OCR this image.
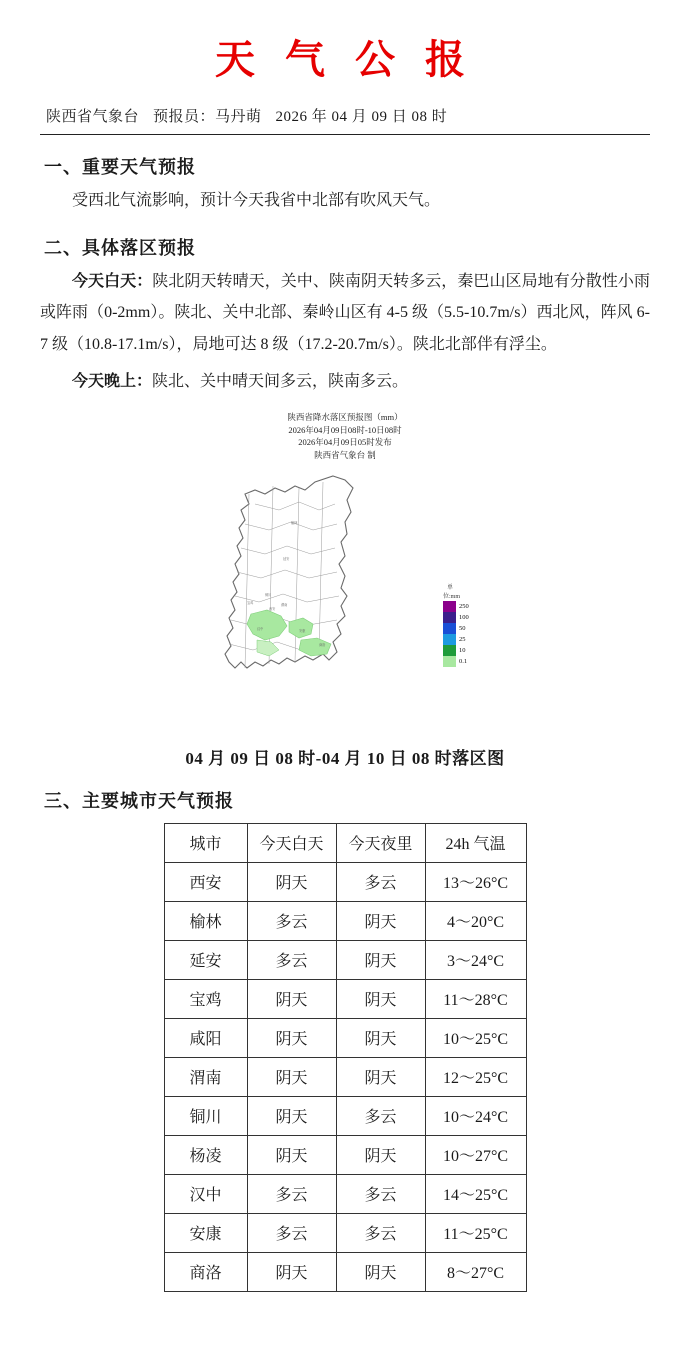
天 气 公 报
陕西省气象台 预报员：马丹萌 2026 年 04 月 09 日 08 时
一、重要天气预报
受西北气流影响，预计今天我省中北部有吹风天气。
二、具体落区预报
今天白天：陕北阴天转晴天，关中、陕南阴天转多云，秦巴山区局地有分散性小雨或阵雨（0-2mm）。陕北、关中北部、秦岭山区有 4-5 级（5.5-10.7m/s）西北风，阵风 6-7 级（10.8-17.1m/s），局地可达 8 级（17.2-20.7m/s）。陕北北部伴有浮尘。
今天晚上：陕北、关中晴天间多云，陕南多云。
陕西省降水落区预报图（mm）
2026年04月09日08时-10日08时
2026年04月09日05时发布
陕西省气象台 制
榆林
延安
铜川
渭南
宝鸡
西安
汉中	安康
商洛
单位:mm
250
100
50
25
10
0.1
04 月 09 日 08 时-04 月 10 日 08 时落区图
三、主要城市天气预报
城市	今天白天	今天夜里	24h 气温
西安	阴天	多云	13～26°C
榆林	多云	阴天	4～20°C
延安	多云	阴天	3～24°C
宝鸡	阴天	阴天	11～28°C
咸阳	阴天	阴天	10～25°C
渭南	阴天	阴天	12～25°C
铜川	阴天	多云	10～24°C
杨凌	阴天	阴天	10～27°C
汉中	多云	多云	14～25°C
安康	多云	多云	11～25°C
商洛	阴天	阴天	8～27°C
